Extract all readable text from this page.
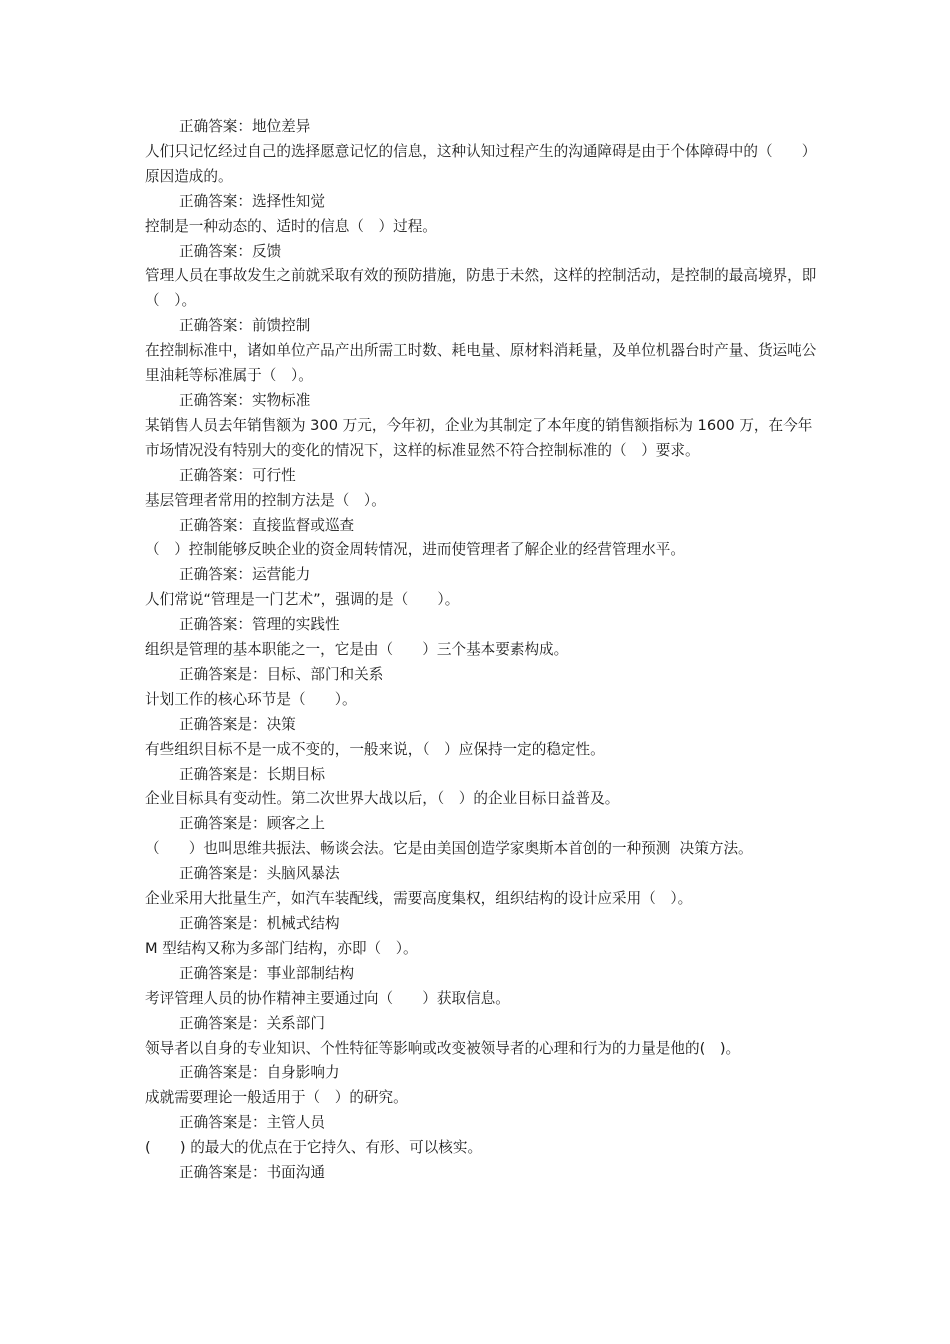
正确答案：地位差异

人们只记忆经过自己的选择愿意记忆的信息，这种认知过程产生的沟通障碍是由于个体障碍中的（　　）原因造成的。

正确答案：选择性知觉

控制是一种动态的、适时的信息（　）过程。

正确答案：反馈

管理人员在事故发生之前就采取有效的预防措施，防患于未然，这样的控制活动，是控制的最高境界，即（　）。

正确答案：前馈控制

在控制标准中，诸如单位产品产出所需工时数、耗电量、原材料消耗量，及单位机器台时产量、货运吨公里油耗等标准属于（　）。

正确答案：实物标准

某销售人员去年销售额为 300 万元，今年初，企业为其制定了本年度的销售额指标为 1600 万，在今年市场情况没有特别大的变化的情况下，这样的标准显然不符合控制标准的（　）要求。

正确答案：可行性

基层管理者常用的控制方法是（　）。

正确答案：直接监督或巡查

（　）控制能够反映企业的资金周转情况，进而使管理者了解企业的经营管理水平。

正确答案：运营能力

人们常说“管理是一门艺术”，强调的是（　　）。

正确答案：管理的实践性

组织是管理的基本职能之一，它是由（　　）三个基本要素构成。

正确答案是：目标、部门和关系

计划工作的核心环节是（　　）。

正确答案是：决策

有些组织目标不是一成不变的，一般来说，（　）应保持一定的稳定性。

正确答案是：长期目标

企业目标具有变动性。第二次世界大战以后，（　）的企业目标日益普及。

正确答案是：顾客之上

（　　）也叫思维共振法、畅谈会法。它是由美国创造学家奥斯本首创的一种预测  决策方法。

正确答案是：头脑风暴法

企业采用大批量生产，如汽车装配线，需要高度集权，组织结构的设计应采用（　）。

正确答案是：机械式结构

M 型结构又称为多部门结构，亦即（　）。

正确答案是：事业部制结构

考评管理人员的协作精神主要通过向（　　）获取信息。

正确答案是：关系部门

领导者以自身的专业知识、个性特征等影响或改变被领导者的心理和行为的力量是他的(　)。

正确答案是：自身影响力

成就需要理论一般适用于（　）的研究。

正确答案是：主管人员

(　　) 的最大的优点在于它持久、有形、可以核实。

正确答案是：书面沟通
